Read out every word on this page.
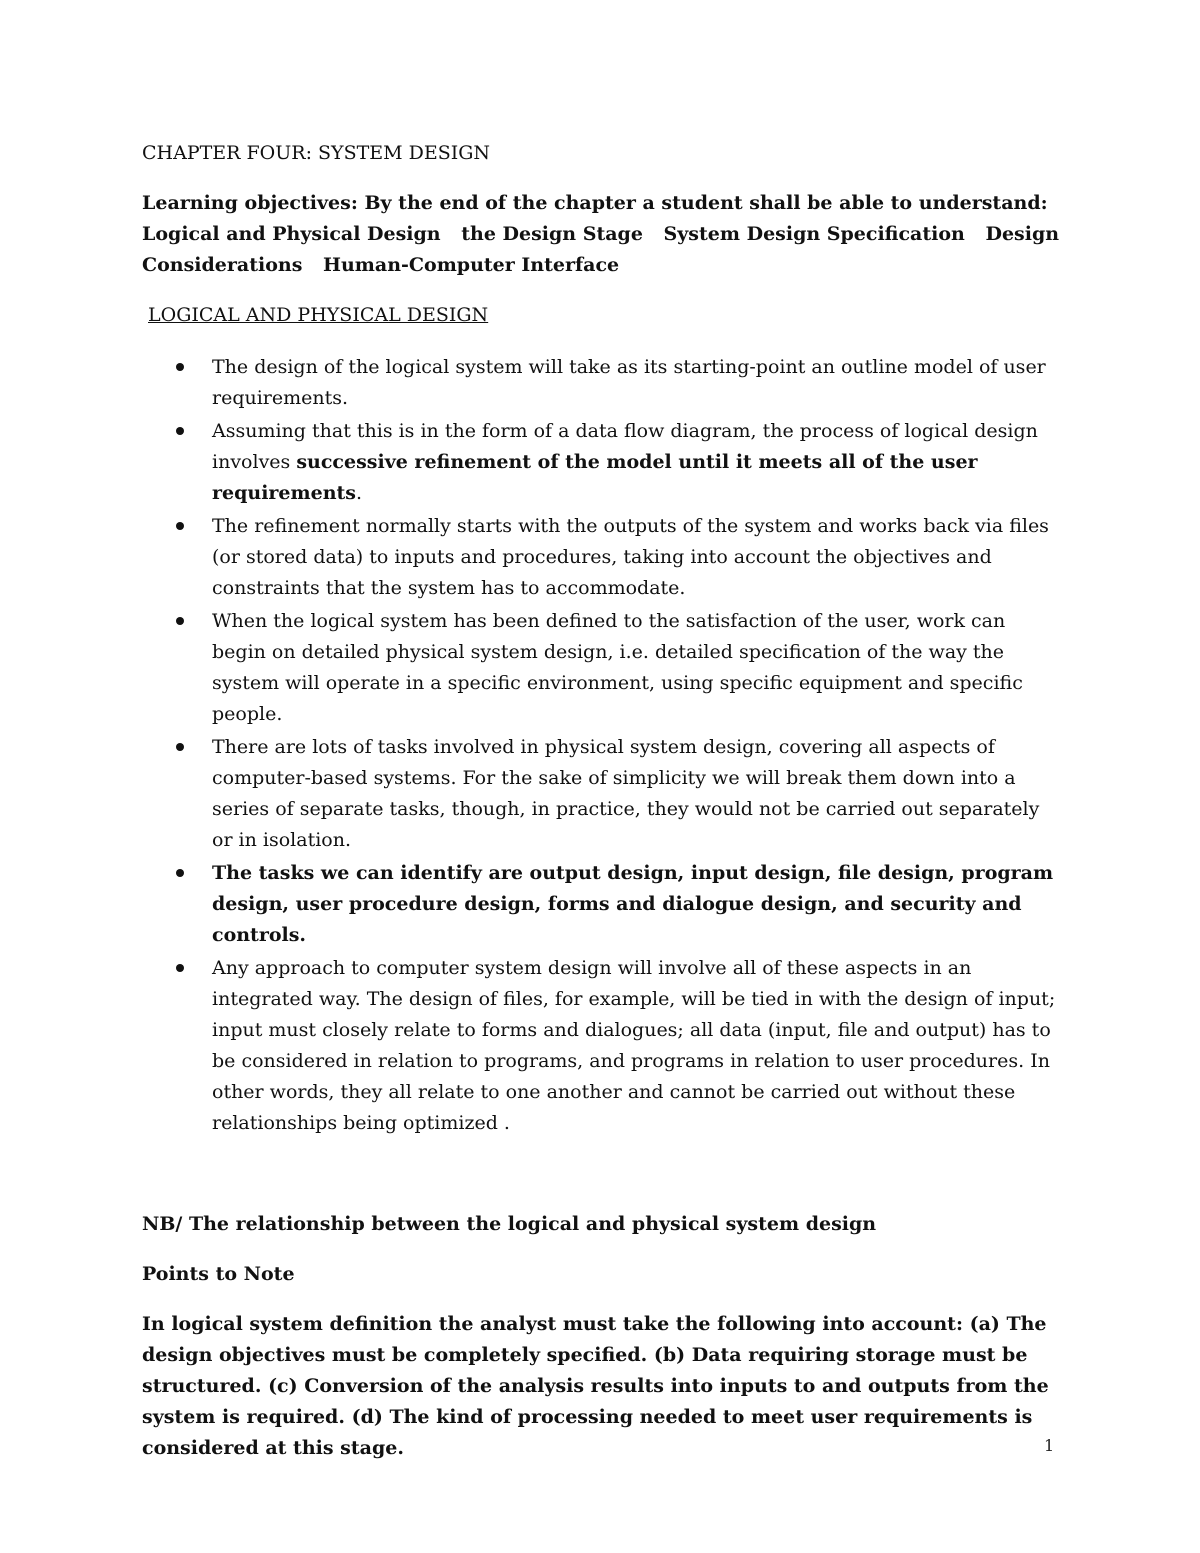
CHAPTER FOUR: SYSTEM DESIGN

Learning objectives: By the end of the chapter a student shall be able to understand: Logical and Physical Design the Design Stage System Design Specification Design Considerations Human-Computer Interface

LOGICAL AND PHYSICAL DESIGN

The design of the logical system will take as its starting-point an outline model of user requirements.
Assuming that this is in the form of a data flow diagram, the process of logical design involves successive refinement of the model until it meets all of the user requirements.
The refinement normally starts with the outputs of the system and works back via files (or stored data) to inputs and procedures, taking into account the objectives and constraints that the system has to accommodate.
When the logical system has been defined to the satisfaction of the user, work can begin on detailed physical system design, i.e. detailed specification of the way the system will operate in a specific environment, using specific equipment and specific people.
There are lots of tasks involved in physical system design, covering all aspects of computer-based systems. For the sake of simplicity we will break them down into a series of separate tasks, though, in practice, they would not be carried out separately or in isolation.
The tasks we can identify are output design, input design, file design, program design, user procedure design, forms and dialogue design, and security and controls.
Any approach to computer system design will involve all of these aspects in an integrated way. The design of files, for example, will be tied in with the design of input; input must closely relate to forms and dialogues; all data (input, file and output) has to be considered in relation to programs, and programs in relation to user procedures. In other words, they all relate to one another and cannot be carried out without these relationships being optimized .

NB/ The relationship between the logical and physical system design

Points to Note

In logical system definition the analyst must take the following into account: (a) The design objectives must be completely specified. (b) Data requiring storage must be structured. (c) Conversion of the analysis results into inputs to and outputs from the system is required. (d) The kind of processing needed to meet user requirements is considered at this stage.	1
